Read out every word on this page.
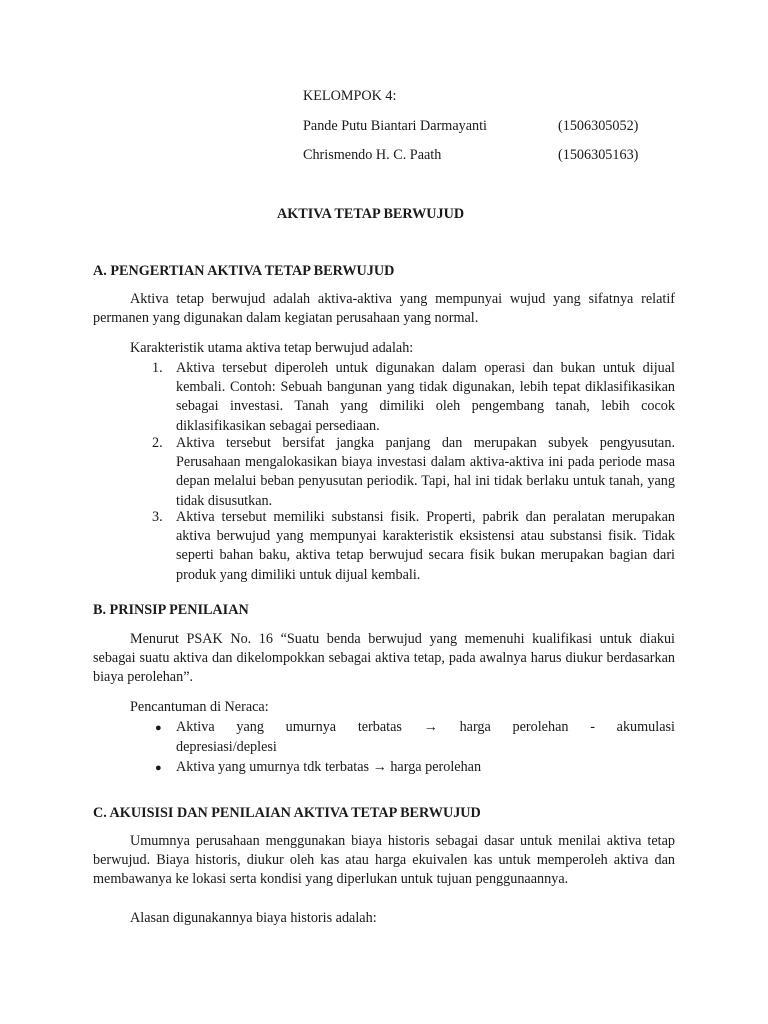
KELOMPOK 4:
Pande Putu Biantari Darmayanti	(1506305052)
Chrismendo H. C. Paath	(1506305163)
AKTIVA TETAP BERWUJUD
A. PENGERTIAN AKTIVA TETAP BERWUJUD

Aktiva tetap berwujud adalah aktiva-aktiva yang mempunyai wujud yang sifatnya relatif permanen yang digunakan dalam kegiatan perusahaan yang normal.

Karakteristik utama aktiva tetap berwujud adalah:
1. Aktiva tersebut diperoleh untuk digunakan dalam operasi dan bukan untuk dijual kembali. Contoh: Sebuah bangunan yang tidak digunakan, lebih tepat diklasifikasikan sebagai investasi. Tanah yang dimiliki oleh pengembang tanah, lebih cocok diklasifikasikan sebagai persediaan.

2. Aktiva tersebut bersifat jangka panjang dan merupakan subyek pengyusutan. Perusahaan mengalokasikan biaya investasi dalam aktiva-aktiva ini pada periode masa depan melalui beban penyusutan periodik. Tapi, hal ini tidak berlaku untuk tanah, yang tidak disusutkan.

3. Aktiva tersebut memiliki substansi fisik. Properti, pabrik dan peralatan merupakan aktiva berwujud yang mempunyai karakteristik eksistensi atau substansi fisik. Tidak seperti bahan baku, aktiva tetap berwujud secara fisik bukan merupakan bagian dari produk yang dimiliki untuk dijual kembali.

B. PRINSIP PENILAIAN

Menurut PSAK No. 16 “Suatu benda berwujud yang memenuhi kualifikasi untuk diakui sebagai suatu aktiva dan dikelompokkan sebagai aktiva tetap, pada awalnya harus diukur berdasarkan biaya perolehan”.

Pencantuman di Neraca:
● Aktiva yang umurnya terbatas → harga perolehan - akumulasi
depresiasi/deplesi
● Aktiva yang umurnya tdk terbatas → harga perolehan
C. AKUISISI DAN PENILAIAN AKTIVA TETAP BERWUJUD

Umumnya perusahaan menggunakan biaya historis sebagai dasar untuk menilai aktiva tetap berwujud. Biaya historis, diukur oleh kas atau harga ekuivalen kas untuk memperoleh aktiva dan membawanya ke lokasi serta kondisi yang diperlukan untuk tujuan penggunaannya.

Alasan digunakannya biaya historis adalah:
